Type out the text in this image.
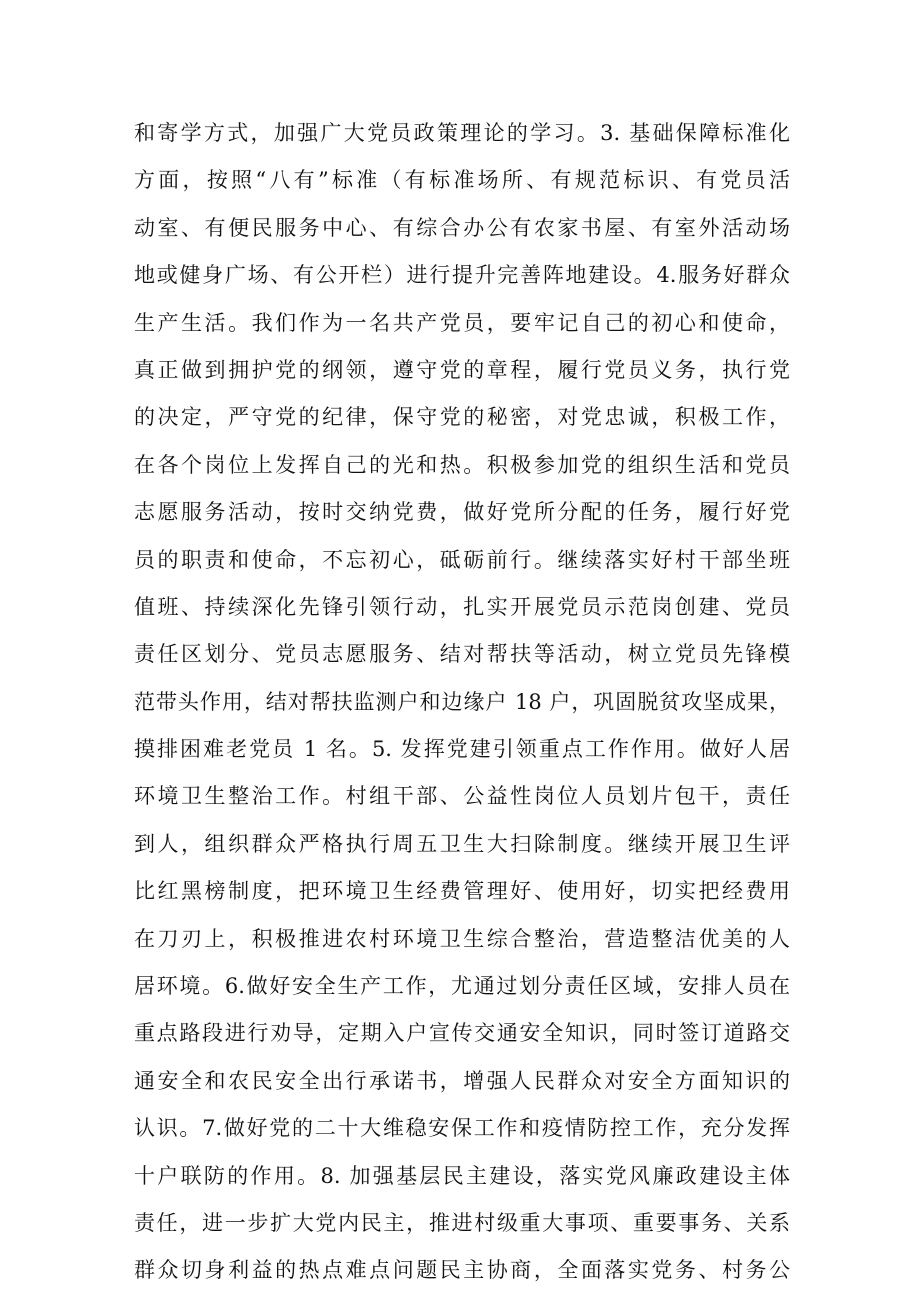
和寄学方式，加强广大党员政策理论的学习。3. 基础保障标准化
方面，按照“八有”标准（有标准场所、有规范标识、有党员活
动室、有便民服务中心、有综合办公有农家书屋、有室外活动场
地或健身广场、有公开栏）进行提升完善阵地建设。4.服务好群众
生产生活。我们作为一名共产党员，要牢记自己的初心和使命，
真正做到拥护党的纲领，遵守党的章程，履行党员义务，执行党
的决定，严守党的纪律，保守党的秘密，对党忠诚，积极工作，
在各个岗位上发挥自己的光和热。积极参加党的组织生活和党员
志愿服务活动，按时交纳党费，做好党所分配的任务，履行好党
员的职责和使命，不忘初心，砥砺前行。继续落实好村干部坐班
值班、持续深化先锋引领行动，扎实开展党员示范岗创建、党员
责任区划分、党员志愿服务、结对帮扶等活动，树立党员先锋模
范带头作用，结对帮扶监测户和边缘户 18 户，巩固脱贫攻坚成果，
摸排困难老党员 1 名。5. 发挥党建引领重点工作作用。做好人居
环境卫生整治工作。村组干部、公益性岗位人员划片包干，责任
到人，组织群众严格执行周五卫生大扫除制度。继续开展卫生评
比红黑榜制度，把环境卫生经费管理好、使用好，切实把经费用
在刀刃上，积极推进农村环境卫生综合整治，营造整洁优美的人
居环境。6.做好安全生产工作，尤通过划分责任区域，安排人员在
重点路段进行劝导，定期入户宣传交通安全知识，同时签订道路交
通安全和农民安全出行承诺书，增强人民群众对安全方面知识的
认识。7.做好党的二十大维稳安保工作和疫情防控工作，充分发挥
十户联防的作用。8. 加强基层民主建设，落实党风廉政建设主体
责任，进一步扩大党内民主，推进村级重大事项、重要事务、关系
群众切身利益的热点难点问题民主协商，全面落实党务、村务公
